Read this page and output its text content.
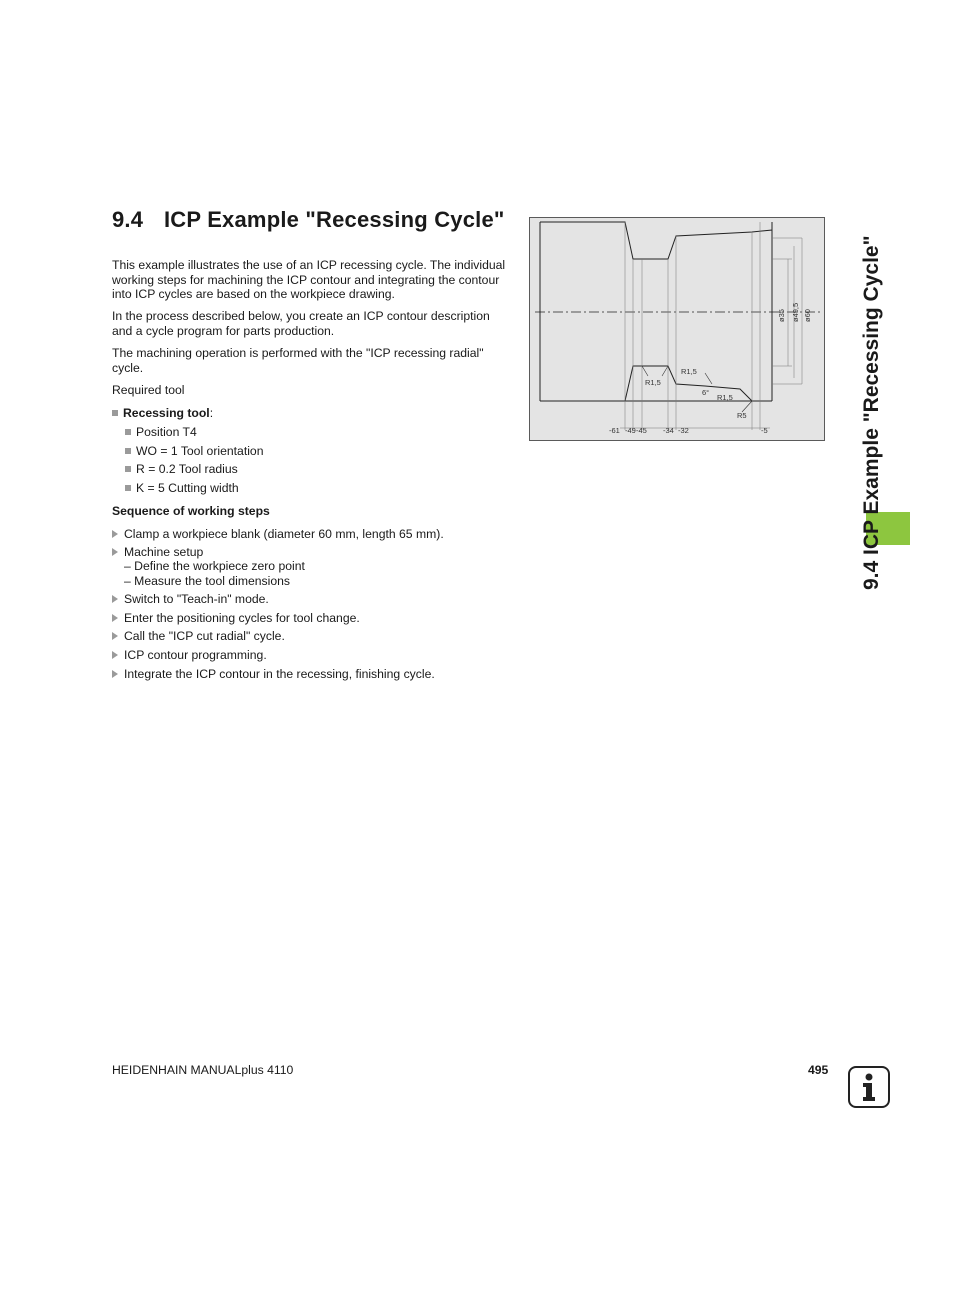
9.4 ICP Example "Recessing Cycle"

This example illustrates the use of an ICP recessing cycle. The individual working steps for machining the ICP contour and integrating the contour into ICP cycles are based on the workpiece drawing.

In the process described below, you create an ICP contour description and a cycle program for parts production.

The machining operation is performed with the "ICP recessing radial" cycle.

Required tool

Recessing tool:

Position T4

WO = 1 Tool orientation

R = 0.2 Tool radius

K = 5 Cutting width

Sequence of working steps

Clamp a workpiece blank (diameter 60 mm, length 65 mm).

Machine setup

– Define the workpiece zero point

– Measure the tool dimensions

Switch to "Teach-in" mode.

Enter the positioning cycles for tool change.

Call the "ICP cut radial" cycle.

ICP contour programming.

Integrate the ICP contour in the recessing, finishing cycle.

R1,5
R1,5
R1,5
R5
6°
-61 -49 -45 -34 -32	-5
ø35 ø49,5 ø60 9.4 ICP Example "Recessing Cycle"
HEIDENHAIN MANUALplus 4110	495
